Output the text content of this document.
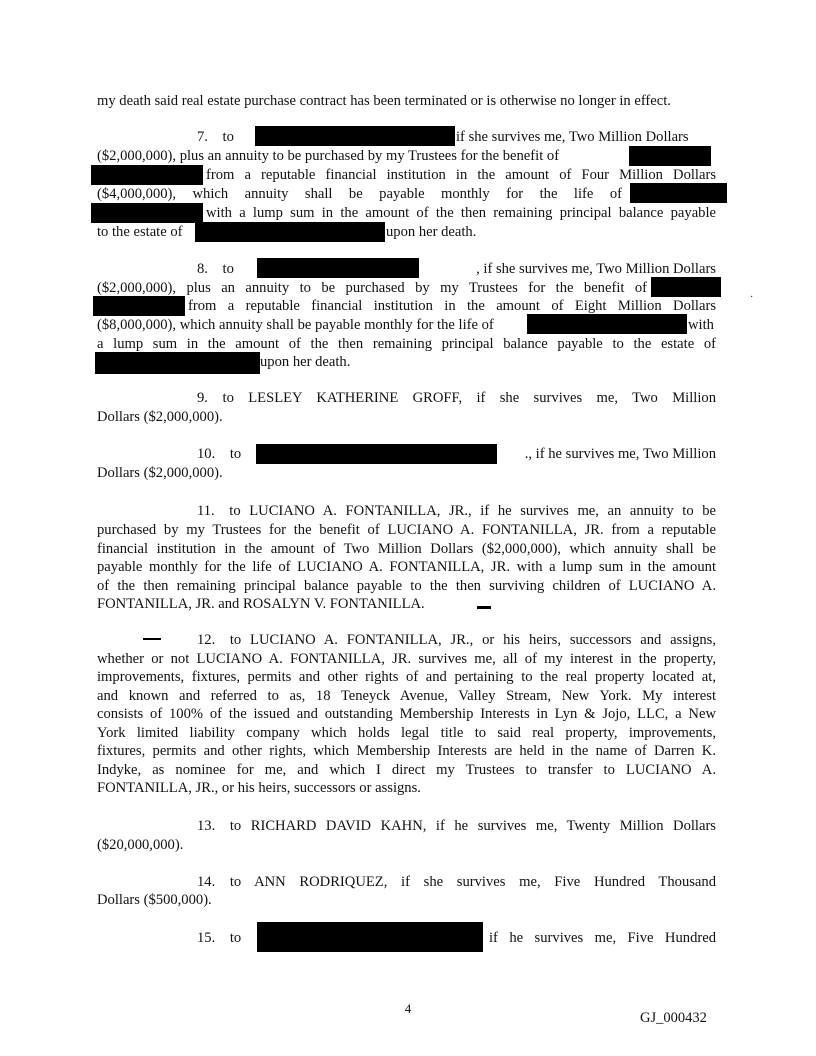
my death said real estate purchase contract has been terminated or is otherwise no longer in effect.
7. to	if she survives me, Two Million Dollars
($2,000,000), plus an annuity to be purchased by my Trustees for the benefit of
from a reputable financial institution in the amount of Four Million Dollars
($4,000,000), which annuity shall be payable monthly for the life of
with a lump sum in the amount of the then remaining principal balance payable
to the estate of	upon her death.
8. to	, if she survives me, Two Million Dollars
($2,000,000), plus an annuity to be purchased by my Trustees for the benefit of
·
from a reputable financial institution in the amount of Eight Million Dollars
($8,000,000), which annuity shall be payable monthly for the life of	with
a lump sum in the amount of the then remaining principal balance payable to the estate of
upon her death.
9. to LESLEY KATHERINE GROFF, if she survives me, Two Million
Dollars ($2,000,000).
10. to	., if he survives me, Two Million
Dollars ($2,000,000).
11. to LUCIANO A. FONTANILLA, JR., if he survives me, an annuity to be
purchased by my Trustees for the benefit of LUCIANO A. FONTANILLA, JR. from a reputable
financial institution in the amount of Two Million Dollars ($2,000,000), which annuity shall be
payable monthly for the life of LUCIANO A. FONTANILLA, JR. with a lump sum in the amount
of the then remaining principal balance payable to the then surviving children of LUCIANO A.
FONTANILLA, JR. and ROSALYN V. FONTANILLA.
12. to LUCIANO A. FONTANILLA, JR., or his heirs, successors and assigns,
whether or not LUCIANO A. FONTANILLA, JR. survives me, all of my interest in the property,
improvements, fixtures, permits and other rights of and pertaining to the real property located at,
and known and referred to as, 18 Teneyck Avenue, Valley Stream, New York. My interest
consists of 100% of the issued and outstanding Membership Interests in Lyn & Jojo, LLC, a New
York limited liability company which holds legal title to said real property, improvements,
fixtures, permits and other rights, which Membership Interests are held in the name of Darren K.
Indyke, as nominee for me, and which I direct my Trustees to transfer to LUCIANO A.
FONTANILLA, JR., or his heirs, successors or assigns.
13. to RICHARD DAVID KAHN, if he survives me, Twenty Million Dollars
($20,000,000).
14. to ANN RODRIQUEZ, if she survives me, Five Hundred Thousand
Dollars ($500,000).
15. to	if he survives me, Five Hundred
4
GJ_000432
